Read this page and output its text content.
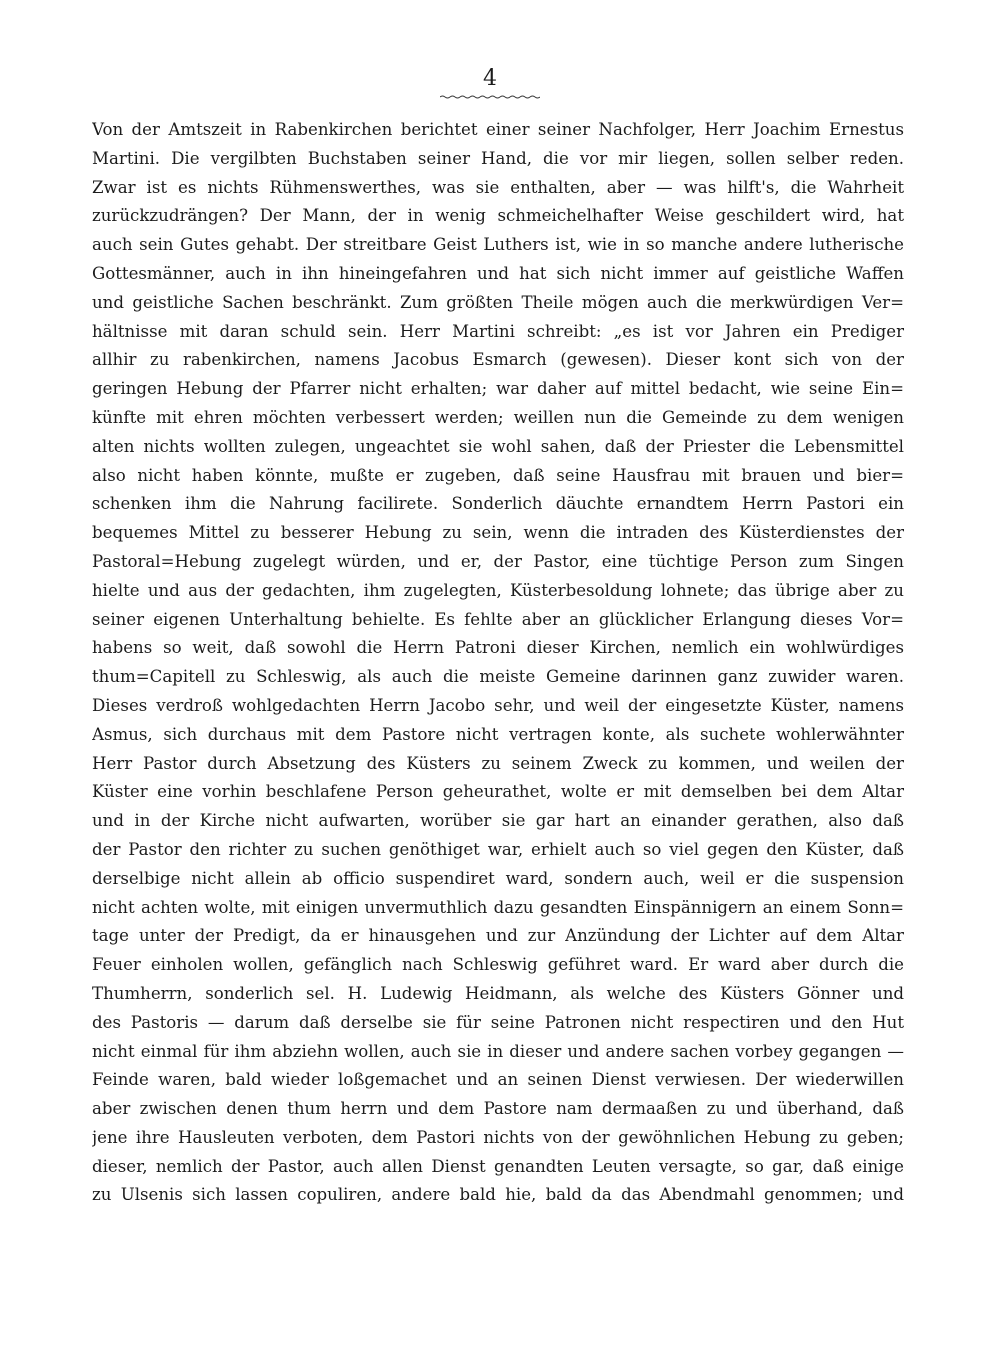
4
Von der Amtszeit in Rabenkirchen berichtet einer seiner Nachfolger, Herr Joachim Ernestus
Martini. Die vergilbten Buchstaben seiner Hand, die vor mir liegen, sollen selber reden.
Zwar ist es nichts Rühmenswerthes, was sie enthalten, aber — was hilft's, die Wahrheit
zurückzudrängen? Der Mann, der in wenig schmeichelhafter Weise geschildert wird, hat
auch sein Gutes gehabt. Der streitbare Geist Luthers ist, wie in so manche andere lutherische
Gottesmänner, auch in ihn hineingefahren und hat sich nicht immer auf geistliche Waffen
und geistliche Sachen beschränkt. Zum größten Theile mögen auch die merkwürdigen Ver=
hältnisse mit daran schuld sein. Herr Martini schreibt: „es ist vor Jahren ein Prediger
allhir zu rabenkirchen, namens Jacobus Esmarch (gewesen). Dieser kont sich von der
geringen Hebung der Pfarrer nicht erhalten; war daher auf mittel bedacht, wie seine Ein=
künfte mit ehren möchten verbessert werden; weillen nun die Gemeinde zu dem wenigen
alten nichts wollten zulegen, ungeachtet sie wohl sahen, daß der Priester die Lebensmittel
also nicht haben könnte, mußte er zugeben, daß seine Hausfrau mit brauen und bier=
schenken ihm die Nahrung facilirete. Sonderlich däuchte ernandtem Herrn Pastori ein
bequemes Mittel zu besserer Hebung zu sein, wenn die intraden des Küsterdienstes der
Pastoral=Hebung zugelegt würden, und er, der Pastor, eine tüchtige Person zum Singen
hielte und aus der gedachten, ihm zugelegten, Küsterbesoldung lohnete; das übrige aber zu
seiner eigenen Unterhaltung behielte. Es fehlte aber an glücklicher Erlangung dieses Vor=
habens so weit, daß sowohl die Herrn Patroni dieser Kirchen, nemlich ein wohlwürdiges
thum=Capitell zu Schleswig, als auch die meiste Gemeine darinnen ganz zuwider waren.
Dieses verdroß wohlgedachten Herrn Jacobo sehr, und weil der eingesetzte Küster, namens
Asmus, sich durchaus mit dem Pastore nicht vertragen konte, als suchete wohlerwähnter
Herr Pastor durch Absetzung des Küsters zu seinem Zweck zu kommen, und weilen der
Küster eine vorhin beschlafene Person geheurathet, wolte er mit demselben bei dem Altar
und in der Kirche nicht aufwarten, worüber sie gar hart an einander gerathen, also daß
der Pastor den richter zu suchen genöthiget war, erhielt auch so viel gegen den Küster, daß
derselbige nicht allein ab officio suspendiret ward, sondern auch, weil er die suspension
nicht achten wolte, mit einigen unvermuthlich dazu gesandten Einspännigern an einem Sonn=
tage unter der Predigt, da er hinausgehen und zur Anzündung der Lichter auf dem Altar
Feuer einholen wollen, gefänglich nach Schleswig geführet ward. Er ward aber durch die
Thumherrn, sonderlich sel. H. Ludewig Heidmann, als welche des Küsters Gönner und
des Pastoris — darum daß derselbe sie für seine Patronen nicht respectiren und den Hut
nicht einmal für ihm abziehn wollen, auch sie in dieser und andere sachen vorbey gegangen —
Feinde waren, bald wieder loßgemachet und an seinen Dienst verwiesen. Der wiederwillen
aber zwischen denen thum herrn und dem Pastore nam dermaaßen zu und überhand, daß
jene ihre Hausleuten verboten, dem Pastori nichts von der gewöhnlichen Hebung zu geben;
dieser, nemlich der Pastor, auch allen Dienst genandten Leuten versagte, so gar, daß einige
zu Ulsenis sich lassen copuliren, andere bald hie, bald da das Abendmahl genommen; und
